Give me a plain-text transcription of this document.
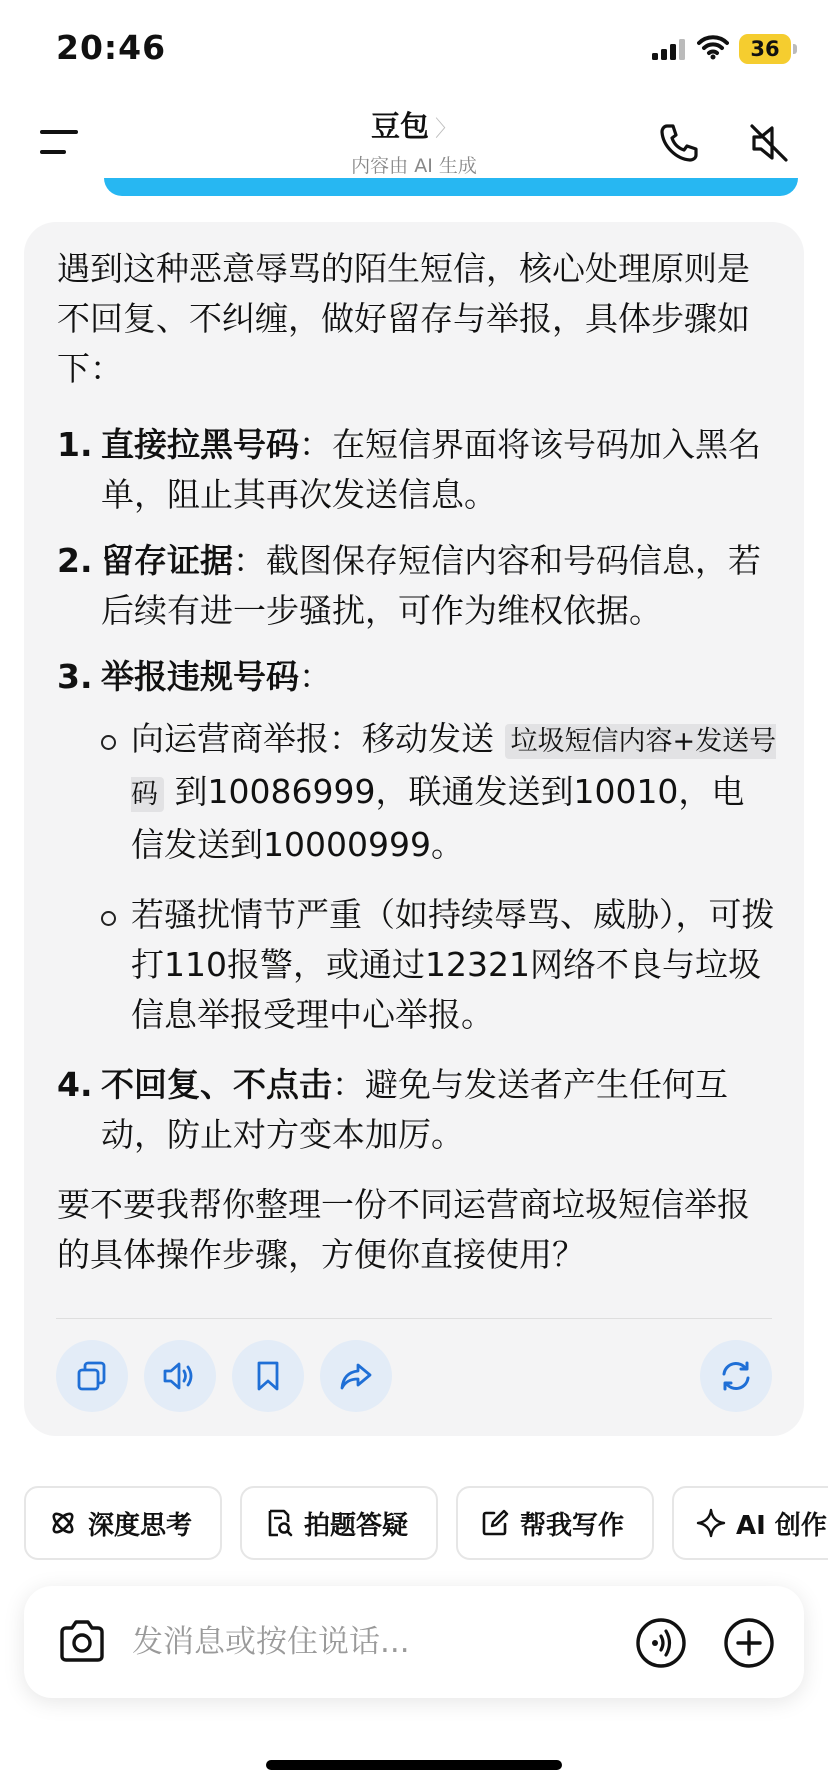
20:46	36
豆包 〉
内容由 AI 生成

遇到这种恶意辱骂的陌生短信，核心处理原则是不回复、不纠缠，做好留存与举报，具体步骤如下：

1. 直接拉黑号码：在短信界面将该号码加入黑名单，阻止其再次发送信息。
2. 留存证据：截图保存短信内容和号码信息，若后续有进一步骚扰，可作为维权依据。
3. 举报违规号码：
向运营商举报：移动发送 垃圾短信内容+发送号码 到10086999，联通发送到10010，电信发送到10000999。
若骚扰情节严重（如持续辱骂、威胁），可拨打110报警，或通过12321网络不良与垃圾信息举报受理中心举报。
4. 不回复、不点击：避免与发送者产生任何互动，防止对方变本加厉。

要不要我帮你整理一份不同运营商垃圾短信举报的具体操作步骤，方便你直接使用？

深度思考	拍题答疑	帮我写作	AI 创作
发消息或按住说话...
